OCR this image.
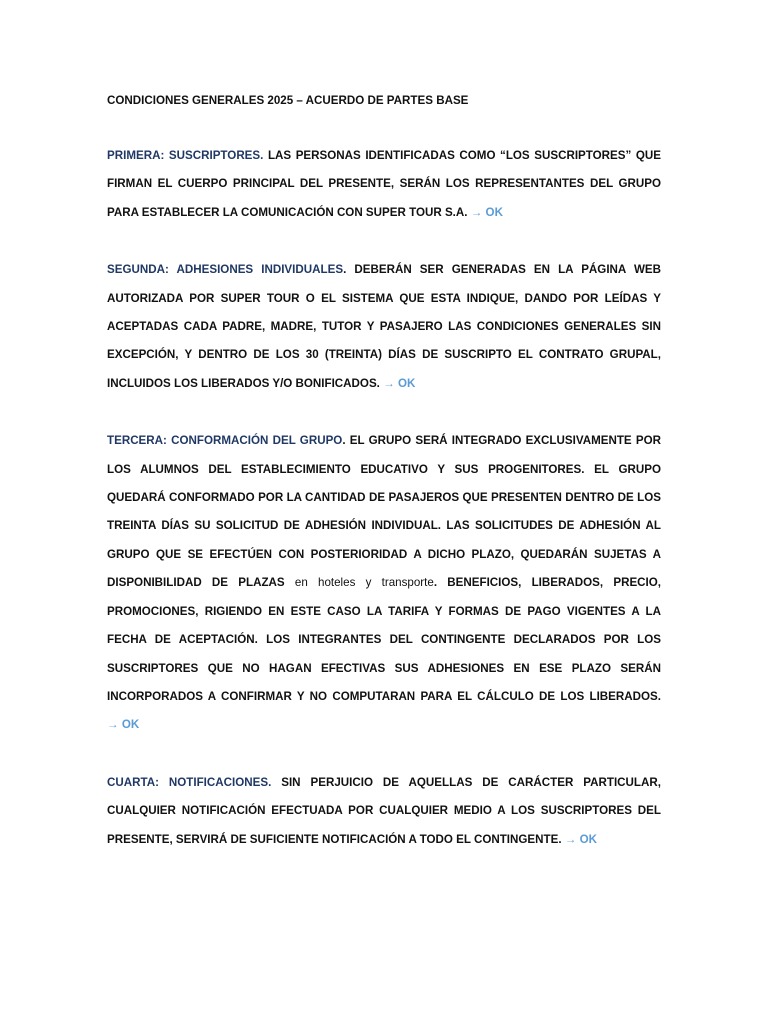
CONDICIONES GENERALES 2025 – ACUERDO DE PARTES BASE
PRIMERA: SUSCRIPTORES. LAS PERSONAS IDENTIFICADAS COMO “LOS SUSCRIPTORES” QUE FIRMAN EL CUERPO PRINCIPAL DEL PRESENTE, SERÁN LOS REPRESENTANTES DEL GRUPO PARA ESTABLECER LA COMUNICACIÓN CON SUPER TOUR S.A. → OK
SEGUNDA: ADHESIONES INDIVIDUALES. DEBERÁN SER GENERADAS EN LA PÁGINA WEB AUTORIZADA POR SUPER TOUR O EL SISTEMA QUE ESTA INDIQUE, DANDO POR LEÍDAS Y ACEPTADAS CADA PADRE, MADRE, TUTOR Y PASAJERO LAS CONDICIONES GENERALES SIN EXCEPCIÓN, Y DENTRO DE LOS 30 (TREINTA) DÍAS DE SUSCRIPTO EL CONTRATO GRUPAL, INCLUIDOS LOS LIBERADOS Y/O BONIFICADOS. → OK
TERCERA: CONFORMACIÓN DEL GRUPO. EL GRUPO SERÁ INTEGRADO EXCLUSIVAMENTE POR LOS ALUMNOS DEL ESTABLECIMIENTO EDUCATIVO Y SUS PROGENITORES. EL GRUPO QUEDARÁ CONFORMADO POR LA CANTIDAD DE PASAJEROS QUE PRESENTEN DENTRO DE LOS TREINTA DÍAS SU SOLICITUD DE ADHESIÓN INDIVIDUAL. LAS SOLICITUDES DE ADHESIÓN AL GRUPO QUE SE EFECTÚEN CON POSTERIORIDAD A DICHO PLAZO, QUEDARÁN SUJETAS A DISPONIBILIDAD DE PLAZAS en hoteles y transporte. BENEFICIOS, LIBERADOS, PRECIO, PROMOCIONES, RIGIENDO EN ESTE CASO LA TARIFA Y FORMAS DE PAGO VIGENTES A LA FECHA DE ACEPTACIÓN. LOS INTEGRANTES DEL CONTINGENTE DECLARADOS POR LOS SUSCRIPTORES QUE NO HAGAN EFECTIVAS SUS ADHESIONES EN ESE PLAZO SERÁN INCORPORADOS A CONFIRMAR Y NO COMPUTARAN PARA EL CÁLCULO DE LOS LIBERADOS. → OK
CUARTA: NOTIFICACIONES. SIN PERJUICIO DE AQUELLAS DE CARÁCTER PARTICULAR, CUALQUIER NOTIFICACIÓN EFECTUADA POR CUALQUIER MEDIO A LOS SUSCRIPTORES DEL PRESENTE, SERVIRÁ DE SUFICIENTE NOTIFICACIÓN A TODO EL CONTINGENTE. → OK
